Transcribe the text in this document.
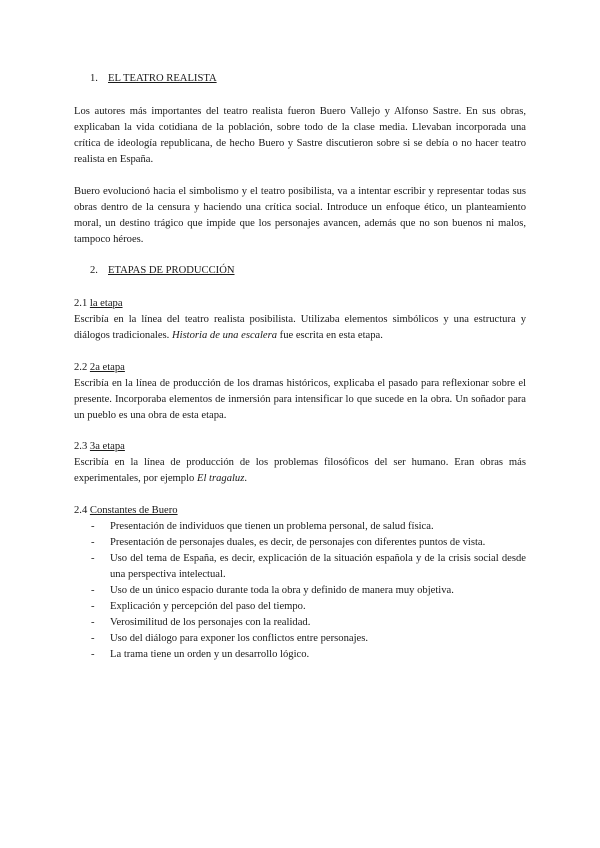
1. EL TEATRO REALISTA

Los autores más importantes del teatro realista fueron Buero Vallejo y Alfonso Sastre. En sus obras, explicaban la vida cotidiana de la población, sobre todo de la clase media. Llevaban incorporada una crítica de ideología republicana, de hecho Buero y Sastre discutieron sobre si se debía o no hacer teatro realista en España.

Buero evolucionó hacia el simbolismo y el teatro posibilista, va a intentar escribir y representar todas sus obras dentro de la censura y haciendo una crítica social. Introduce un enfoque ético, un planteamiento moral, un destino trágico que impide que los personajes avancen, además que no son buenos ni malos, tampoco héroes.

2. ETAPAS DE PRODUCCIÓN

2.1 la etapa

Escribía en la línea del teatro realista posibilista. Utilizaba elementos simbólicos y una estructura y diálogos tradicionales. Historia de una escalera fue escrita en esta etapa.

2.2 2a etapa

Escribía en la línea de producción de los dramas históricos, explicaba el pasado para reflexionar sobre el presente. Incorporaba elementos de inmersión para intensificar lo que sucede en la obra. Un soñador para un pueblo es una obra de esta etapa.

2.3 3a etapa

Escribía en la línea de producción de los problemas filosóficos del ser humano. Eran obras más experimentales, por ejemplo El tragaluz.

2.4 Constantes de Buero

- Presentación de individuos que tienen un problema personal, de salud física.
- Presentación de personajes duales, es decir, de personajes con diferentes puntos de vista.
- Uso del tema de España, es decir, explicación de la situación española y de la crisis social desde una perspectiva intelectual.
- Uso de un único espacio durante toda la obra y definido de manera muy objetiva.
- Explicación y percepción del paso del tiempo.
- Verosimilitud de los personajes con la realidad.
- Uso del diálogo para exponer los conflictos entre personajes.
- La trama tiene un orden y un desarrollo lógico.
